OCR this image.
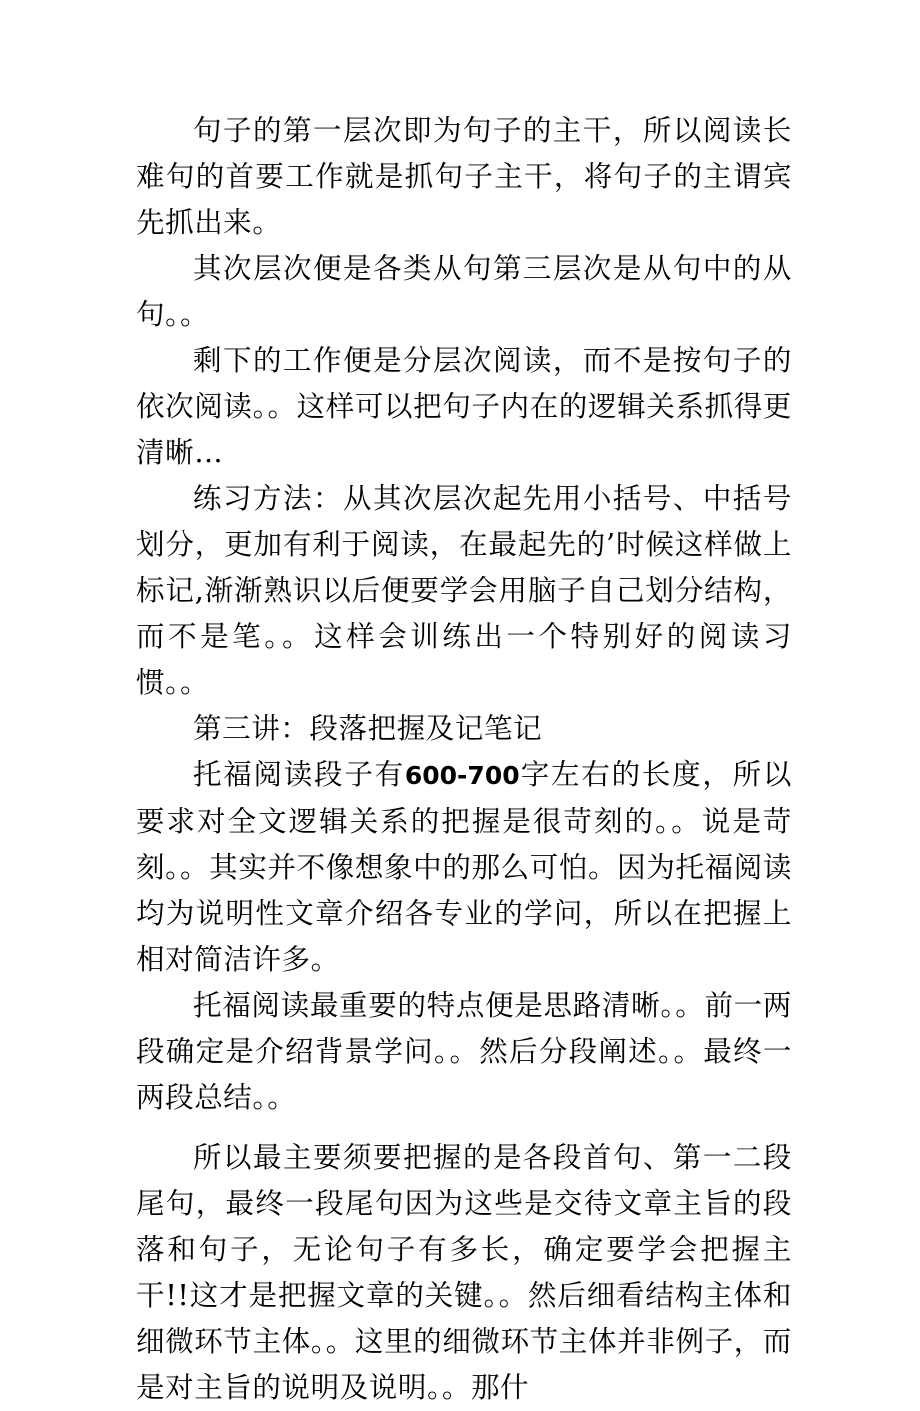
句子的第一层次即为句子的主干，所以阅读长难句的首要工作就是抓句子主干，将句子的主谓宾先抓出来。

其次层次便是各类从句第三层次是从句中的从句。。

剩下的工作便是分层次阅读，而不是按句子的依次阅读。。这样可以把句子内在的逻辑关系抓得更清晰…

练习方法：从其次层次起先用小括号、中括号划分，更加有利于阅读，在最起先的’时候这样做上标记,渐渐熟识以后便要学会用脑子自己划分结构，而不是笔。。这样会训练出一个特别好的阅读习惯。。

第三讲：段落把握及记笔记

托福阅读段子有600-700字左右的长度，所以要求对全文逻辑关系的把握是很苛刻的。。说是苛刻。。其实并不像想象中的那么可怕。因为托福阅读均为说明性文章介绍各专业的学问，所以在把握上相对简洁许多。

托福阅读最重要的特点便是思路清晰。。前一两段确定是介绍背景学问。。然后分段阐述。。最终一两段总结。。

所以最主要须要把握的是各段首句、第一二段尾句，最终一段尾句因为这些是交待文章主旨的段落和句子，无论句子有多长，确定要学会把握主干!!这才是把握文章的关键。。然后细看结构主体和细微环节主体。。这里的细微环节主体并非例子，而是对主旨的说明及说明。。那什
